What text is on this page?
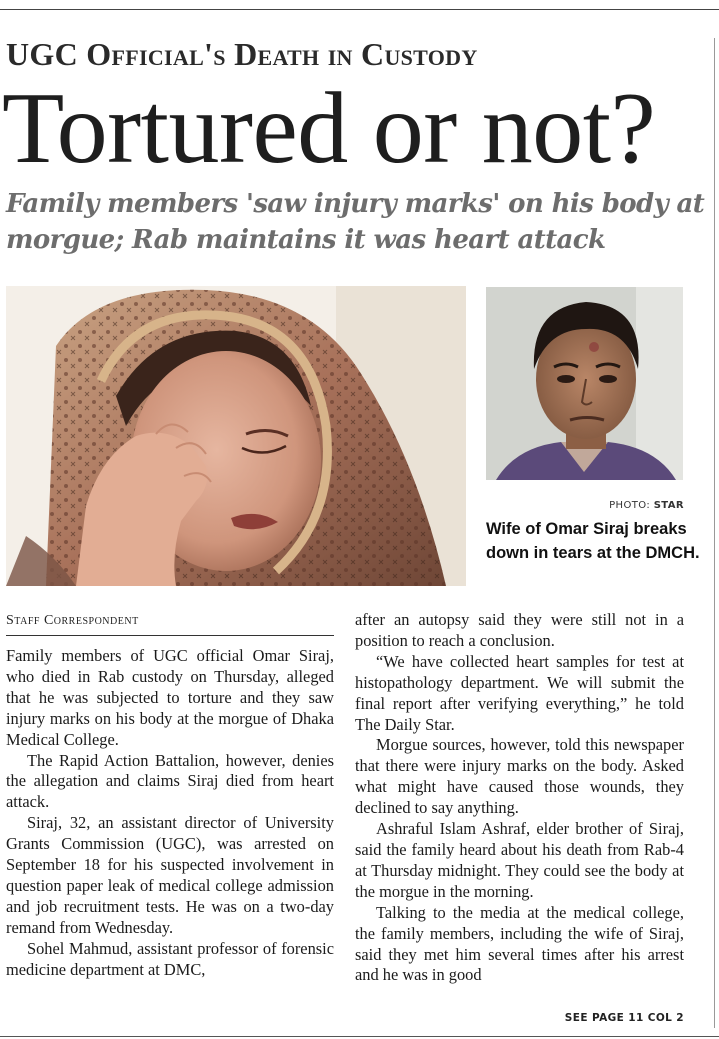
UGC Official's Death in Custody
Tortured or not?

Family members 'saw injury marks' on his body at morgue; Rab maintains it was heart attack

PHOTO: STAR

Wife of Omar Siraj breaks down in tears at the DMCH.

Staff Correspondent

Family members of UGC official Omar Siraj, who died in Rab custody on Thursday, alleged that he was subjected to torture and they saw injury marks on his body at the morgue of Dhaka Medical College.

The Rapid Action Battalion, however, denies the allegation and claims Siraj died from heart attack.

Siraj, 32, an assistant director of University Grants Commission (UGC), was arrested on September 18 for his suspected involvement in question paper leak of medical college admission and job recruitment tests. He was on a two-day remand from Wednesday.

Sohel Mahmud, assistant professor of forensic medicine department at DMC,

after an autopsy said they were still not in a position to reach a conclusion.

“We have collected heart samples for test at histopathology department. We will submit the final report after verifying everything,” he told The Daily Star.

Morgue sources, however, told this newspaper that there were injury marks on the body. Asked what might have caused those wounds, they declined to say anything.

Ashraful Islam Ashraf, elder brother of Siraj, said the family heard about his death from Rab-4 at Thursday midnight. They could see the body at the morgue in the morning.

Talking to the media at the medical college, the family members, including the wife of Siraj, said they met him several times after his arrest and he was in good

SEE PAGE 11 COL 2
